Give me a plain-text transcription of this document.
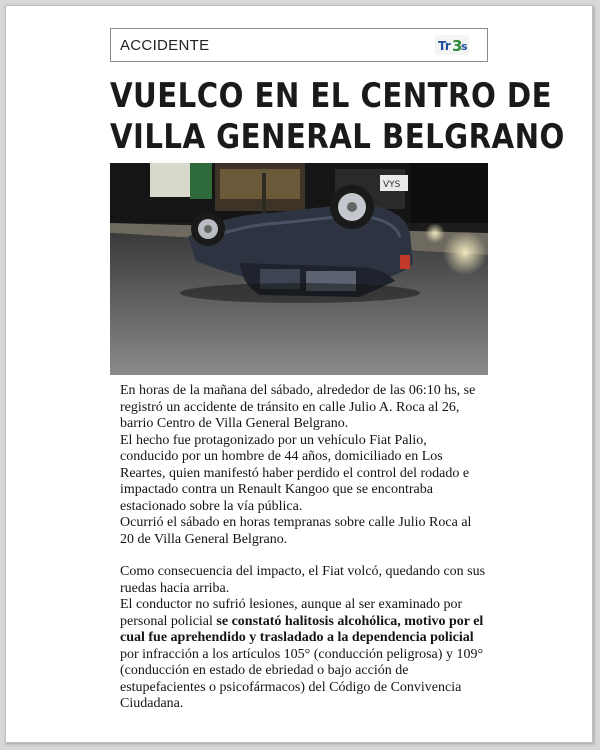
ACCIDENTE	Tr 3
s
VUELCO EN EL CENTRO DE
VILLA GENERAL BELGRANO
VYS

En horas de la mañana del sábado, alrededor de las 06:10 hs, se registró un accidente de tránsito en calle Julio A. Roca al 26, barrio Centro de Villa General Belgrano.

El hecho fue protagonizado por un vehículo Fiat Palio, conducido por un hombre de 44 años, domiciliado en Los Reartes, quien manifestó haber perdido el control del rodado e impactado contra un Renault Kangoo que se encontraba estacionado sobre la vía pública.

Ocurrió el sábado en horas tempranas sobre calle Julio Roca al 20 de Villa General Belgrano.

Como consecuencia del impacto, el Fiat volcó, quedando con sus ruedas hacia arriba.

El conductor no sufrió lesiones, aunque al ser examinado por personal policial se constató halitosis alcohólica, motivo por el cual fue aprehendido y trasladado a la dependencia policial por infracción a los artículos 105° (conducción peligrosa) y 109° (conducción en estado de ebriedad o bajo acción de estupefacientes o psicofármacos) del Código de Convivencia Ciudadana.
